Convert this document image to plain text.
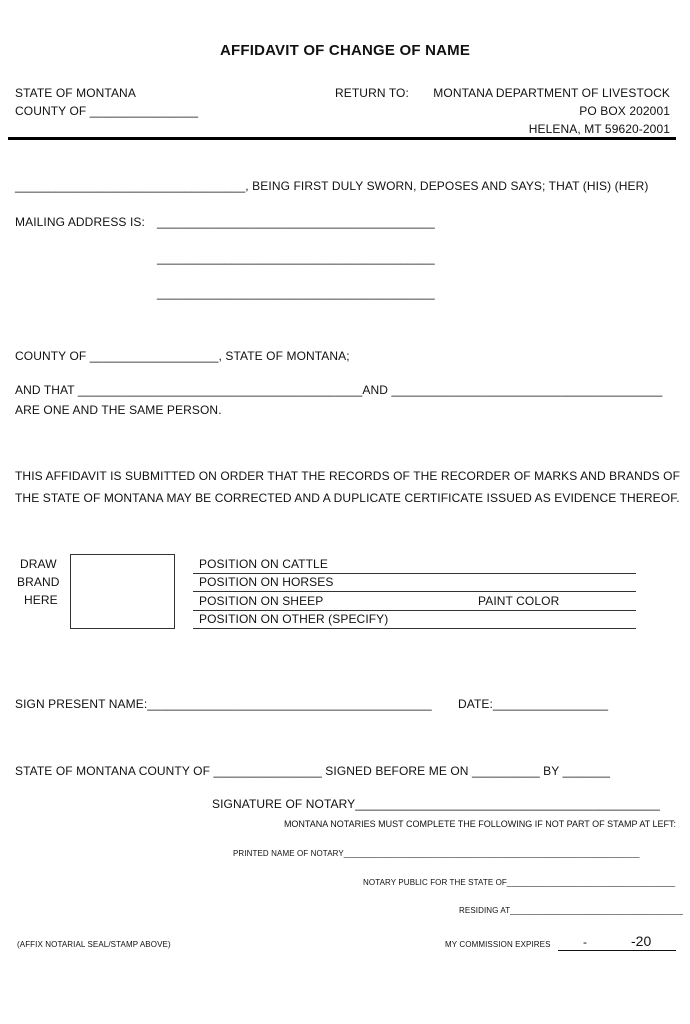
AFFIDAVIT OF CHANGE OF NAME
STATE OF MONTANA
COUNTY OF ________________
RETURN TO: MONTANA DEPARTMENT OF LIVESTOCK
PO BOX 202001
HELENA, MT 59620-2001
__________________________________, BEING FIRST DULY SWORN, DEPOSES AND SAYS; THAT (HIS) (HER)
MAILING ADDRESS IS: _________________________________________
_________________________________________
_________________________________________
COUNTY OF ___________________, STATE OF MONTANA;
AND THAT __________________________________________AND ________________________________________
ARE ONE AND THE SAME PERSON.
THIS AFFIDAVIT IS SUBMITTED ON ORDER THAT THE RECORDS OF THE RECORDER OF MARKS AND BRANDS OF
THE STATE OF MONTANA MAY BE CORRECTED AND A DUPLICATE CERTIFICATE ISSUED AS EVIDENCE THEREOF.
DRAW
BRAND
HERE
POSITION ON CATTLE
POSITION ON HORSES
POSITION ON SHEEP	PAINT COLOR
POSITION ON OTHER (SPECIFY)
SIGN PRESENT NAME:__________________________________________ DATE:_________________
STATE OF MONTANA COUNTY OF ________________ SIGNED BEFORE ME ON __________ BY _______
SIGNATURE OF NOTARY_____________________________________________
MONTANA NOTARIES MUST COMPLETE THE FOLLOWING IF NOT PART OF STAMP AT LEFT:
PRINTED NAME OF NOTARY_________________________________________________________________
NOTARY PUBLIC FOR THE STATE OF_____________________________________
RESIDING AT______________________________________
(AFFIX NOTARIAL SEAL/STAMP ABOVE)	MY COMMISSION EXPIRES	-	-20
